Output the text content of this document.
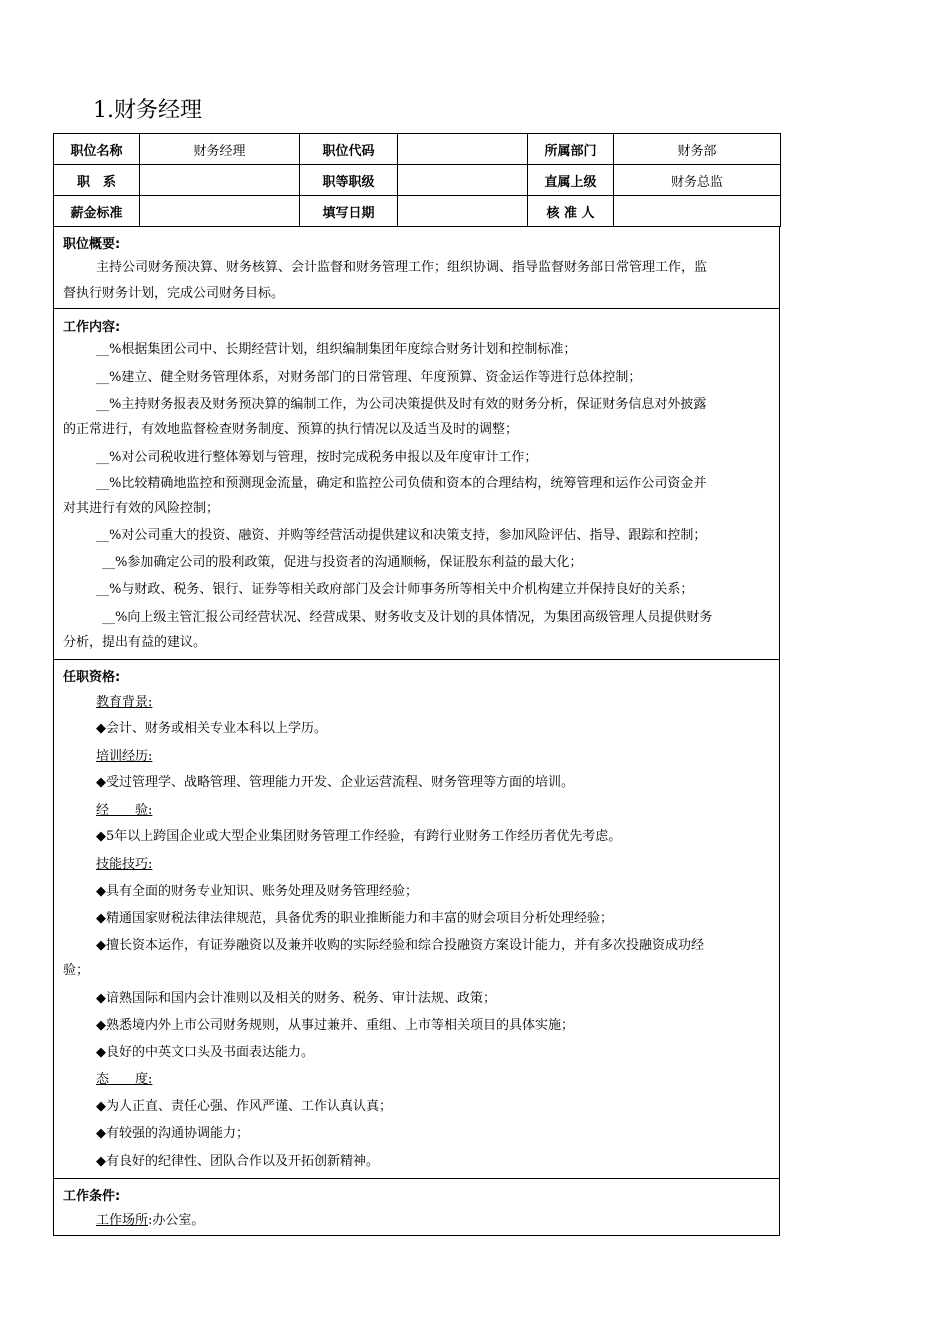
1.财务经理
职位名称	财务经理	职位代码		所属部门	财务部
职　系		职等职级		直属上级	财务总监
薪金标准		填写日期		核 准 人	
职位概要:
主持公司财务预决算、财务核算、会计监督和财务管理工作；组织协调、指导监督财务部日常管理工作，监
督执行财务计划，完成公司财务目标。
工作内容:
__%根据集团公司中、长期经营计划，组织编制集团年度综合财务计划和控制标准；
__%建立、健全财务管理体系，对财务部门的日常管理、年度预算、资金运作等进行总体控制；
__%主持财务报表及财务预决算的编制工作，为公司决策提供及时有效的财务分析，保证财务信息对外披露
的正常进行，有效地监督检查财务制度、预算的执行情况以及适当及时的调整；
__%对公司税收进行整体筹划与管理，按时完成税务申报以及年度审计工作；
__%比较精确地监控和预测现金流量，确定和监控公司负债和资本的合理结构，统筹管理和运作公司资金并
对其进行有效的风险控制；
__%对公司重大的投资、融资、并购等经营活动提供建议和决策支持，参加风险评估、指导、跟踪和控制；
__%参加确定公司的股利政策，促进与投资者的沟通顺畅，保证股东利益的最大化；
__%与财政、税务、银行、证券等相关政府部门及会计师事务所等相关中介机构建立并保持良好的关系；
__%向上级主管汇报公司经营状况、经营成果、财务收支及计划的具体情况，为集团高级管理人员提供财务
分析，提出有益的建议。
任职资格:
教育背景:
◆会计、财务或相关专业本科以上学历。
培训经历:
◆受过管理学、战略管理、管理能力开发、企业运营流程、财务管理等方面的培训。
经　　验:
◆5年以上跨国企业或大型企业集团财务管理工作经验，有跨行业财务工作经历者优先考虑。
技能技巧:
◆具有全面的财务专业知识、账务处理及财务管理经验；
◆精通国家财税法律法律规范，具备优秀的职业推断能力和丰富的财会项目分析处理经验；
◆擅长资本运作，有证券融资以及兼并收购的实际经验和综合投融资方案设计能力，并有多次投融资成功经
验；
◆谙熟国际和国内会计准则以及相关的财务、税务、审计法规、政策；
◆熟悉境内外上市公司财务规则，从事过兼并、重组、上市等相关项目的具体实施；
◆良好的中英文口头及书面表达能力。
态　　度:
◆为人正直、责任心强、作风严谨、工作认真认真；
◆有较强的沟通协调能力；
◆有良好的纪律性、团队合作以及开拓创新精神。
工作条件:
工作场所:办公室。
